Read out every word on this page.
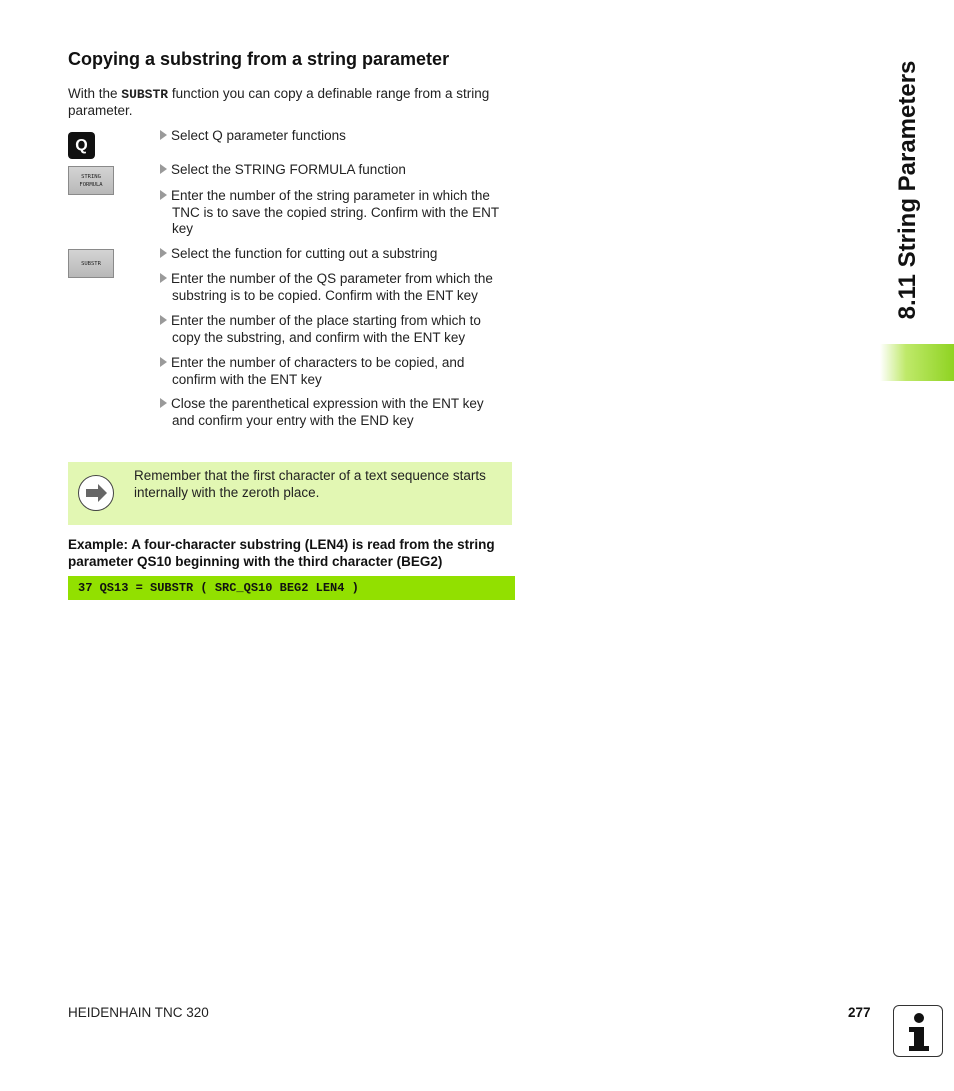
Copying a substring from a string parameter
With the SUBSTR function you can copy a definable range from a string parameter.
Q
STRING
FORMULA
SUBSTR
Select Q parameter functions
Select the STRING FORMULA function
Enter the number of the string parameter in which the
TNC is to save the copied string. Confirm with the ENT key
Select the function for cutting out a substring
Enter the number of the QS parameter from which the
substring is to be copied. Confirm with the ENT key
Enter the number of the place starting from which to
copy the substring, and confirm with the ENT key
Enter the number of characters to be copied, and
confirm with the ENT key
Close the parenthetical expression with the ENT key
and confirm your entry with the END key
Remember that the first character of a text sequence starts internally with the zeroth place.
Example: A four-character substring (LEN4) is read from the string parameter QS10 beginning with the third character (BEG2)
37 QS13 = SUBSTR ( SRC_QS10 BEG2 LEN4 )
8.11 String Parameters
HEIDENHAIN TNC 320	277
